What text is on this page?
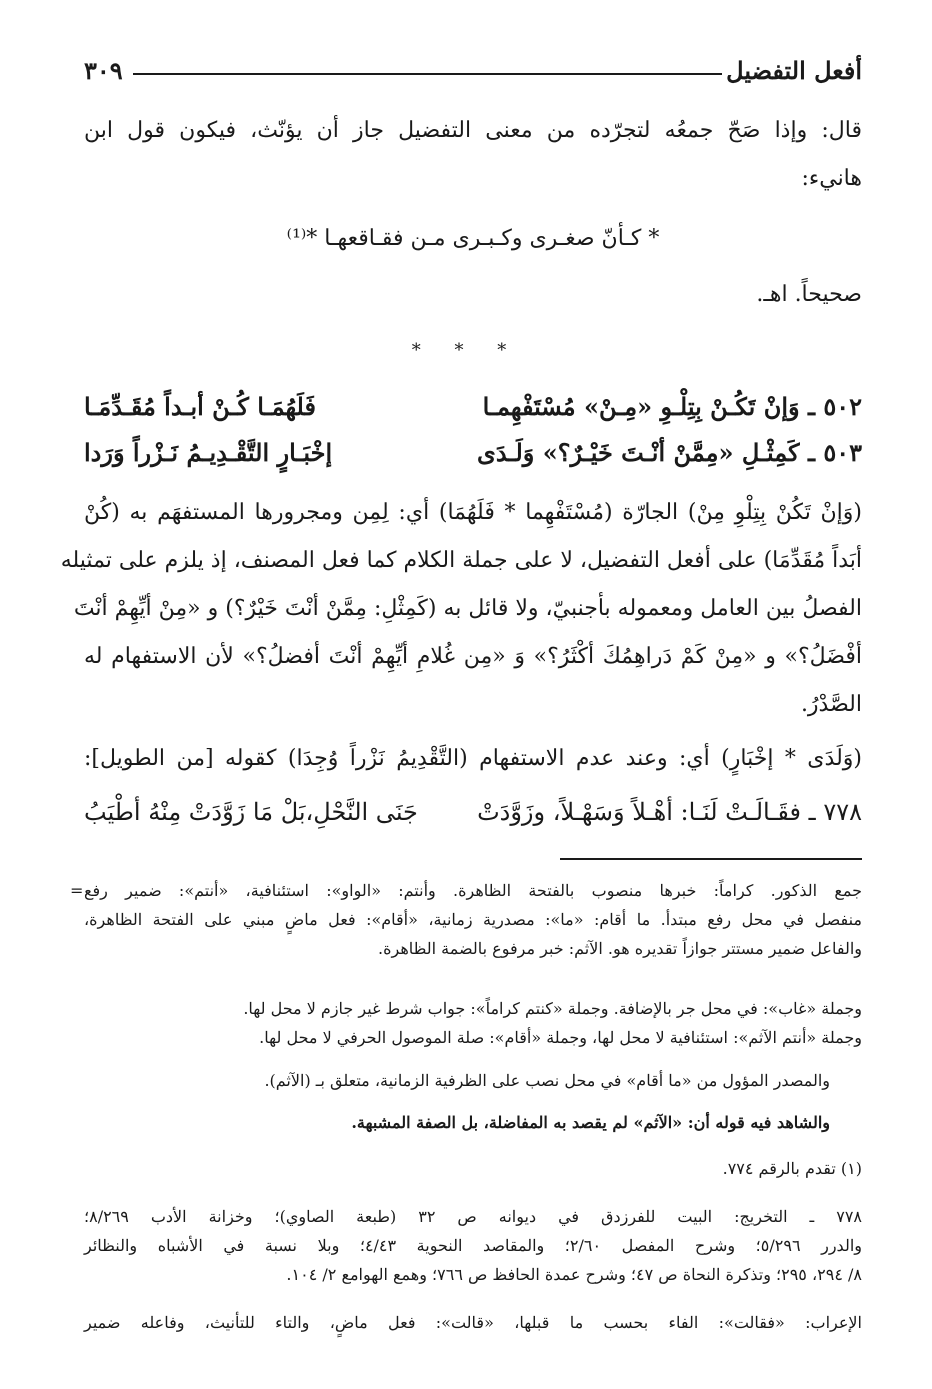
أفعل التفضيل
٣٠٩
قال: وإذا صَحّ جمعُه لتجرّده من معنى التفضيل جاز أن يؤنّث، فيكون قول ابن
هانيء:
* كـأنّ صغـرى وكـبـرى مـن فقـاقعهـا *⁽¹⁾
صحيحاً. اهـ.
* * *
٥٠٢ ـ وَإنْ تَكُـنْ بِتِلْـوِ «مِـنْ» مُسْتَفْهِمـا
فَلَهُمَـا كُـنْ أبـداً مُقَـدِّمَـا
٥٠٣ ـ كَمِثْـلِ «مِمَّنْ أنْـتَ خَيْـرٌ؟» وَلَـدَى
إخْبَـارٍ التَّقْـدِيـمُ نَـزْراً وَرَدا
(وَإنْ تَكُنْ بِتِلْوِ مِنْ) الجارّة (مُسْتَفْهِما * فَلَهُمَا) أي: لِمِن ومجرورها المستفهَم به (كُنْ
أبَداً مُقَدِّمَا) على أفعل التفضيل، لا على جملة الكلام كما فعل المصنف، إذ يلزم على تمثيله
الفصلُ بين العامل ومعموله بأجنبيّ، ولا قائل به (كَمِثْلِ: مِمَّنْ أنْتَ خَيْرٌ؟) و «مِنْ أيِّهِمْ أنْتَ
أفْضَلُ؟» و «مِنْ كَمْ دَراهِمُكَ أكْثَرُ؟» وَ «مِن غُلامِ أيِّهِمْ أنْتَ أفضلُ؟» لأن الاستفهام له
الصَّدْرُ.
(وَلَدَى * إخْبَارٍ) أي: وعند عدم الاستفهام (التَّقْدِيمُ نَزْراً وُجِدَا) كقوله [من الطويل]:
٧٧٨ ـ فقَـالَـتْ لَنَـا: أهْـلاً وَسَهْـلاً، وزَوَّدَتْ
جَنَى النَّحْلِ،بَلْ مَا زَوَّدَتْ مِنْهُ أطْيَبُ
= جمع الذكور. كراماً: خبرها منصوب بالفتحة الظاهرة. وأنتم: «الواو»: استئنافية، «أنتم»: ضمير رفع

منفصل في محل رفع مبتدأ. ما أقام: «ما»: مصدرية زمانية، «أقام»: فعل ماضٍ مبني على الفتحة الظاهرة،

والفاعل ضمير مستتر جوازاً تقديره هو. الآثم: خبر مرفوع بالضمة الظاهرة.

وجملة «غاب»: في محل جر بالإضافة. وجملة «كنتم كراماً»: جواب شرط غير جازم لا محل لها.

وجملة «أنتم الآثم»: استئنافية لا محل لها، وجملة «أقام»: صلة الموصول الحرفي لا محل لها.

والمصدر المؤول من «ما أقام» في محل نصب على الظرفية الزمانية، متعلق بـ (الآثم).

والشاهد فيه قوله أن: «الآثم» لم يقصد به المفاضلة، بل الصفة المشبهة.

(١) تقدم بالرقم ٧٧٤.

٧٧٨ ـ التخريج: البيت للفرزدق في ديوانه ص ٣٢ (طبعة الصاوي)؛ وخزانة الأدب ٨/٢٦٩؛

والدرر ٥/٢٩٦؛ وشرح المفصل ٢/٦٠؛ والمقاصد النحوية ٤/٤٣؛ وبلا نسبة في الأشباه والنظائر

٨/ ٢٩٤، ٢٩٥؛ وتذكرة النحاة ص ٤٧؛ وشرح عمدة الحافظ ص ٧٦٦؛ وهمع الهوامع ٢/ ١٠٤.

الإعراب: «فقالت»: الفاء بحسب ما قبلها، «قالت»: فعل ماضٍ، والتاء للتأنيث، وفاعله ضمير
